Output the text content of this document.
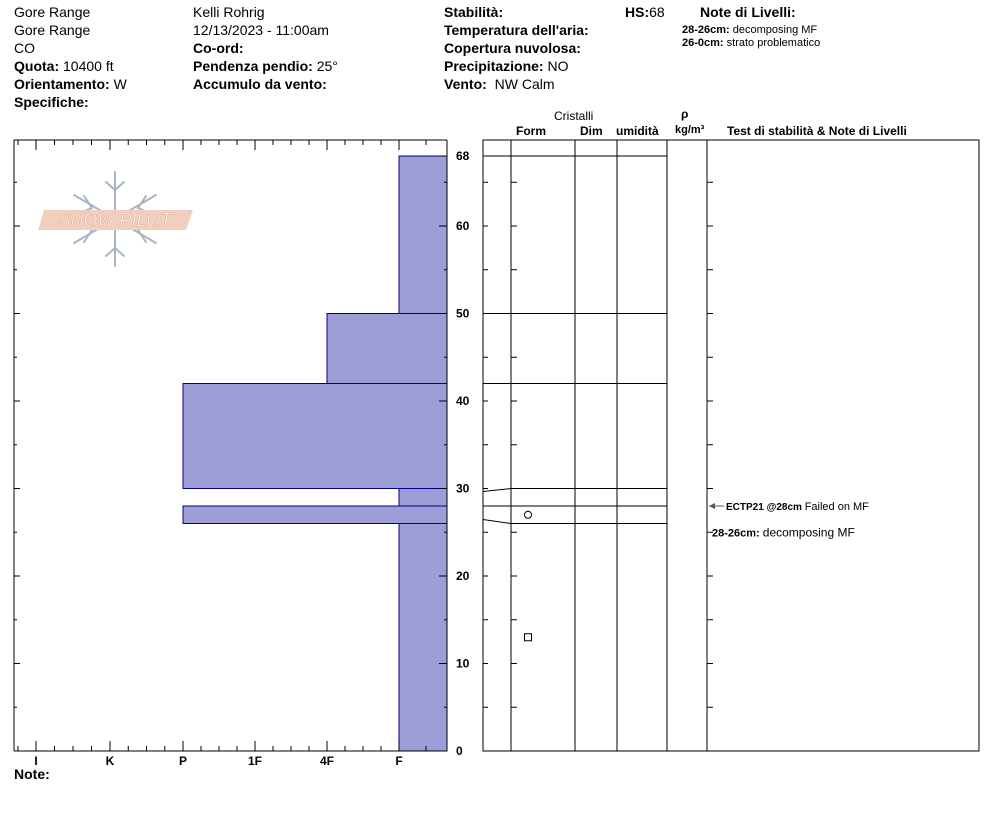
Gore Range
Gore Range
CO
Quota: 10400 ft
Orientamento: W
Specifiche:
Kelli Rohrig
12/13/2023 - 11:00am
Co-ord:
Pendenza pendio: 25°
Accumulo da vento:
Stabilità:
Temperatura dell'aria:
Copertura nuvolosa:
Precipitazione: NO
Vento: NW Calm
HS:68	Note di Livelli:
28-26cm: decomposing MF
26-0cm: strato problematico
Cristalli
Form	Dim umidità
ρ
kg/m³ Test di stabilità & Note di Livelli
Note:
SNOW PILOT
I	K	P	1F	4F	F
0
10
20
30
40
50
60
68
ECTP21 @28cm Failed on MF
28-26cm: decomposing MF
